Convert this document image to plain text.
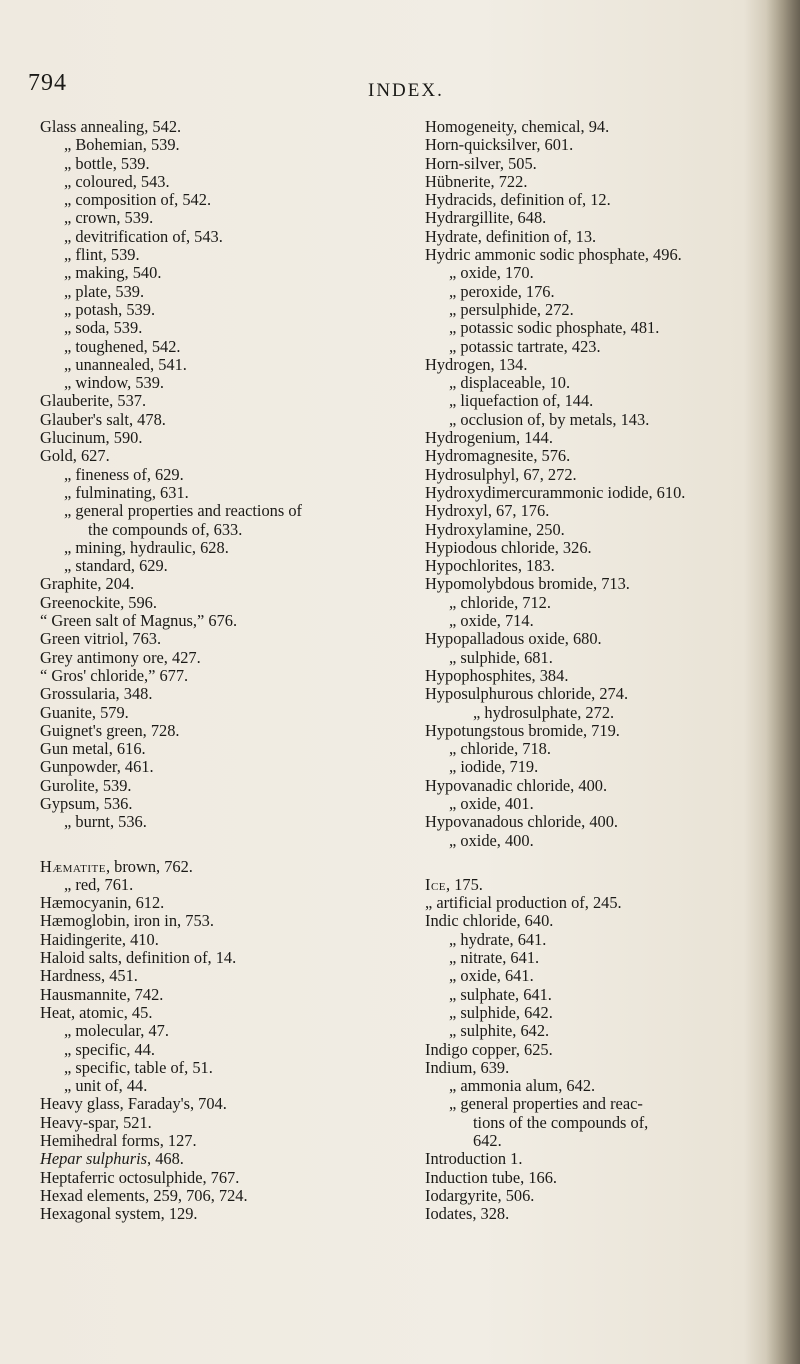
794	INDEX.
Glass annealing, 542.
„ Bohemian, 539.
„ bottle, 539.
„ coloured, 543.
„ composition of, 542.
„ crown, 539.
„ devitrification of, 543.
„ flint, 539.
„ making, 540.
„ plate, 539.
„ potash, 539.
„ soda, 539.
„ toughened, 542.
„ unannealed, 541.
„ window, 539.
Glauberite, 537.
Glauber's salt, 478.
Glucinum, 590.
Gold, 627.
„ fineness of, 629.
„ fulminating, 631.
„ general properties and reactions of
the compounds of, 633.
„ mining, hydraulic, 628.
„ standard, 629.
Graphite, 204.
Greenockite, 596.
“ Green salt of Magnus,” 676.
Green vitriol, 763.
Grey antimony ore, 427.
“ Gros' chloride,” 677.
Grossularia, 348.
Guanite, 579.
Guignet's green, 728.
Gun metal, 616.
Gunpowder, 461.
Gurolite, 539.
Gypsum, 536.
„ burnt, 536.
Hæmatite, brown, 762.
„ red, 761.
Hæmocyanin, 612.
Hæmoglobin, iron in, 753.
Haidingerite, 410.
Haloid salts, definition of, 14.
Hardness, 451.
Hausmannite, 742.
Heat, atomic, 45.
„ molecular, 47.
„ specific, 44.
„ specific, table of, 51.
„ unit of, 44.
Heavy glass, Faraday's, 704.
Heavy-spar, 521.
Hemihedral forms, 127.
Hepar sulphuris, 468.
Heptaferric octosulphide, 767.
Hexad elements, 259, 706, 724.
Hexagonal system, 129.
Homogeneity, chemical, 94.
Horn-quicksilver, 601.
Horn-silver, 505.
Hübnerite, 722.
Hydracids, definition of, 12.
Hydrargillite, 648.
Hydrate, definition of, 13.
Hydric ammonic sodic phosphate, 496.
„ oxide, 170.
„ peroxide, 176.
„ persulphide, 272.
„ potassic sodic phosphate, 481.
„ potassic tartrate, 423.
Hydrogen, 134.
„ displaceable, 10.
„ liquefaction of, 144.
„ occlusion of, by metals, 143.
Hydrogenium, 144.
Hydromagnesite, 576.
Hydrosulphyl, 67, 272.
Hydroxydimercurammonic iodide, 610.
Hydroxyl, 67, 176.
Hydroxylamine, 250.
Hypiodous chloride, 326.
Hypochlorites, 183.
Hypomolybdous bromide, 713.
„ chloride, 712.
„ oxide, 714.
Hypopalladous oxide, 680.
„ sulphide, 681.
Hypophosphites, 384.
Hyposulphurous chloride, 274.
„ hydrosulphate, 272.
Hypotungstous bromide, 719.
„ chloride, 718.
„ iodide, 719.
Hypovanadic chloride, 400.
„ oxide, 401.
Hypovanadous chloride, 400.
„ oxide, 400.
Ice, 175.
„ artificial production of, 245.
Indic chloride, 640.
„ hydrate, 641.
„ nitrate, 641.
„ oxide, 641.
„ sulphate, 641.
„ sulphide, 642.
„ sulphite, 642.
Indigo copper, 625.
Indium, 639.
„ ammonia alum, 642.
„ general properties and reac-
tions of the compounds of,
642.
Introduction 1.
Induction tube, 166.
Iodargyrite, 506.
Iodates, 328.
